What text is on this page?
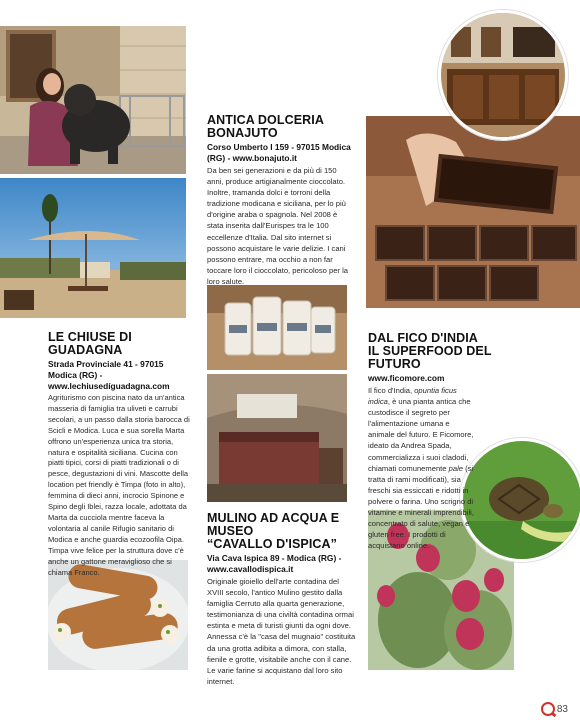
ANTICA DOLCERIA BONAJUTO
Corso Umberto I 159 - 97015 Modica (RG) - www.bonajuto.it
Da ben sei generazioni e da più di 150 anni, produce artigianalmente cioccolato. Inoltre, tramanda dolci e torroni della tradizione modicana e siciliana, per lo più d'origine araba o spagnola. Nel 2008 è stata inserita dall'Eurispes tra le 100 eccellenze d'Italia. Dal sito internet si possono acquistare le varie delizie. I cani possono entrare, ma occhio a non far toccare loro il cioccolato, pericoloso per la loro salute.
LE CHIUSE DI GUADAGNA
Strada Provinciale 41 - 97015 Modica (RG) - www.lechiusedíguadagna.com
Agriturismo con piscina nato da un'antica masseria di famiglia tra uliveti e carrubi secolari, a un passo dalla storia barocca di Scicli e Modica. Luca e sua sorella Marta offrono un'esperienza unica tra storia, natura e ospitalità siciliana. Cucina con piatti tipici, corsi di piatti tradizionali o di pesce, degustazioni di vini. Mascotte della location pet friendly è Timpa (foto in alto), femmina di dieci anni, incrocio Spinone e Spino degli Iblei, razza locale, adottata da Marta da cucciola mentre faceva la volontaria al canile Rifugio sanitario di Modica e anche guardia ecozoofila Oipa. Timpa vive felice per la struttura dove c'è anche un gattone meraviglioso che si chiama Franco.
DAL FICO D'INDIA
IL SUPERFOOD DEL FUTURO
www.ficomore.com
Il fico d'India, opuntia ficus indica, è una pianta antica che custodisce il segreto per l'alimentazione umana e animale del futuro. E Ficomore, ideato da Andrea Spada, commercializza i suoi cladodi, chiamati comunemente pale (si tratta di rami modificati), sia freschi sia essiccati e ridotti in polvere o farina. Uno scrigno di vitamine e minerali imprendibili, concentrato di salute, vegan e gluten free. I prodotti di acquistano online.
MULINO AD ACQUA E MUSEO
“CAVALLO D'ISPICA”
Via Cava Ispica 89 - Modica (RG) - www.cavallodispica.it
Originale gioiello dell'arte contadina del XVIII secolo, l'antico Mulino gestito dalla famiglia Cerruto alla quarta generazione, testimonianza di una civiltà contadina ormai estinta e meta di turisti giunti da ogni dove. Annessa c'è la "casa del mugnaio" costituita da una grotta adibita a dimora, con stalla, fienile e grotte, visitabile anche con il cane. Le varie farine si acquistano dal loro sito internet.
83
